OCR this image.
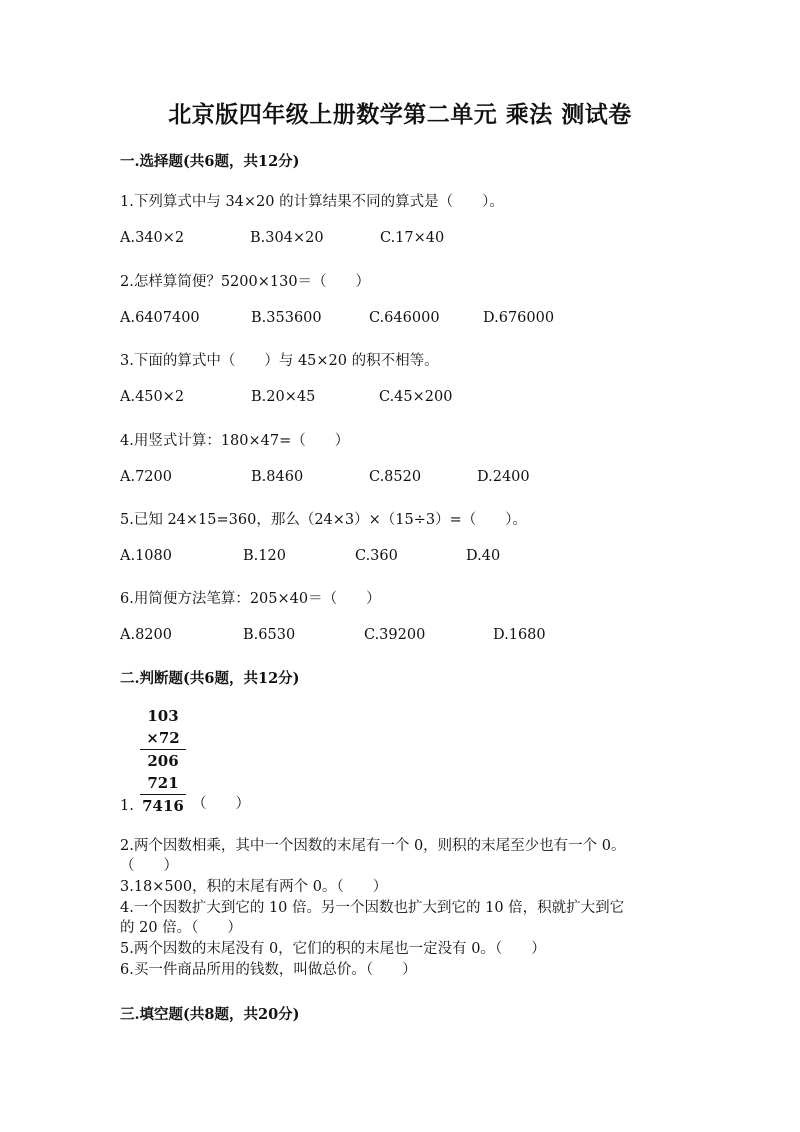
北京版四年级上册数学第二单元 乘法 测试卷
一.选择题(共6题，共12分)
1.下列算式中与 34×20 的计算结果不同的算式是（　　）。
A.340×2	B.304×20	C.17×40
2.怎样算简便？5200×130＝（　　）
A.6407400	B.353600	C.646000	D.676000
3.下面的算式中（　　）与 45×20 的积不相等。
A.450×2	B.20×45	C.45×200
4.用竖式计算：180×47=（　　）
A.7200	B.8460	C.8520	D.2400
5.已知 24×15=360，那么（24×3）×（15÷3）=（　　）。
A.1080	B.120	C.360	D.40
6.用简便方法笔算：205×40＝（　　）
A.8200	B.6530	C.39200	D.1680
二.判断题(共6题，共12分)
103
×72
206
721
7416
1.	（　　）
2.两个因数相乘，其中一个因数的末尾有一个 0，则积的末尾至少也有一个 0。
（　　）
3.18×500，积的末尾有两个 0。（　　）
4.一个因数扩大到它的 10 倍。另一个因数也扩大到它的 10 倍，积就扩大到它
的 20 倍。（　　）
5.两个因数的末尾没有 0，它们的积的末尾也一定没有 0。（　　）
6.买一件商品所用的钱数，叫做总价。（　　）
三.填空题(共8题，共20分)
